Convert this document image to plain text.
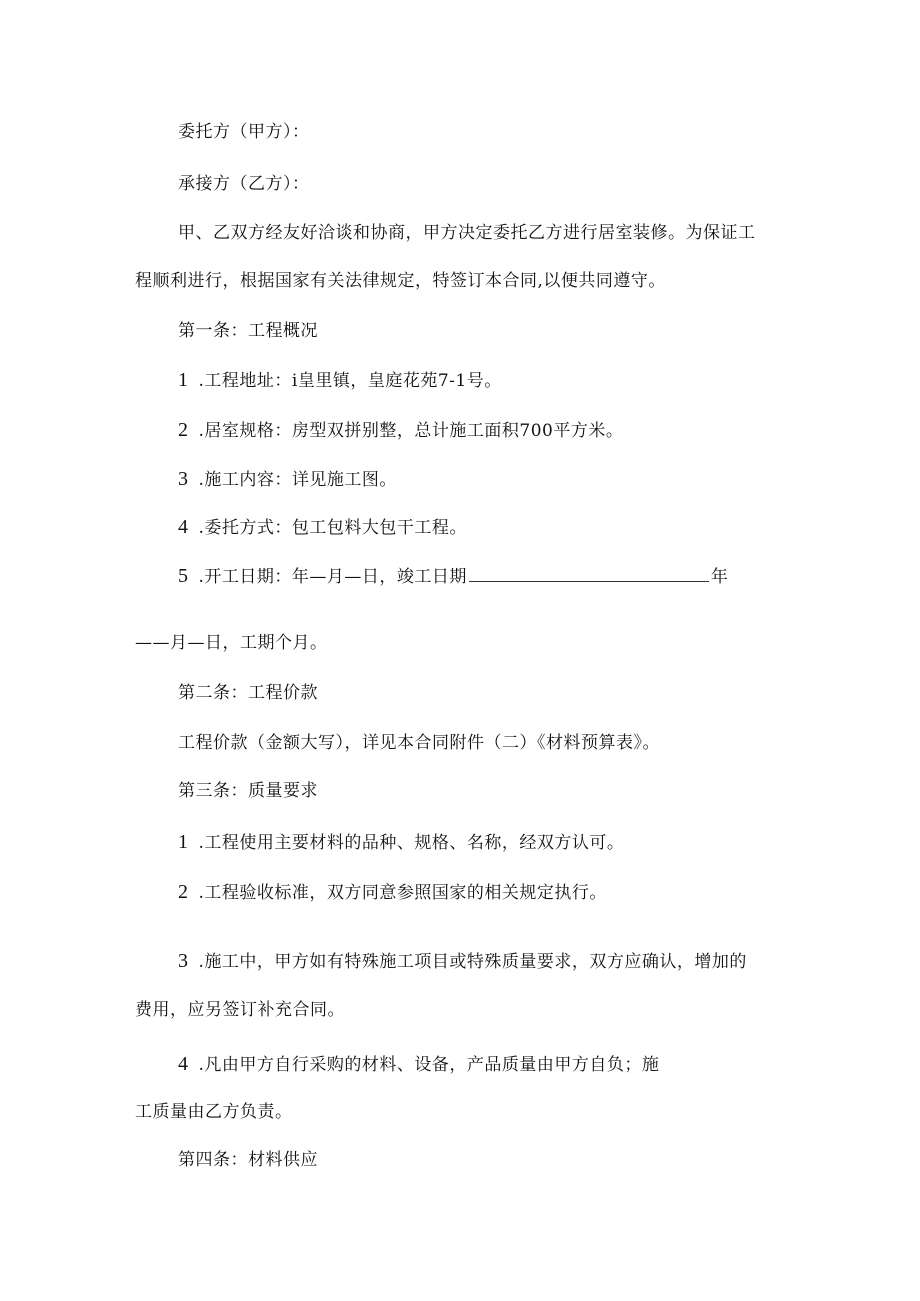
委托方（甲方）：
承接方（乙方）：
甲、乙双方经友好洽谈和协商，甲方决定委托乙方进行居室装修。为保证工
程顺利进行，根据国家有关法律规定，特签订本合同,以便共同遵守。
第一条：工程概况
1 .工程地址：i皇里镇，皇庭花苑7-1号。
2 .居室规格：房型双拼别整，总计施工面积700平方米。
3 .施工内容：详见施工图。
4 .委托方式：包工包料大包干工程。
5 .开工日期：年—月—日，竣工日期	年
——月—日，工期个月。
第二条：工程价款
工程价款（金额大写），详见本合同附件（二）《材料预算表》。
第三条：质量要求
1 .工程使用主要材料的品种、规格、名称，经双方认可。
2 .工程验收标准，双方同意参照国家的相关规定执行。
3 .施工中，甲方如有特殊施工项目或特殊质量要求，双方应确认，增加的
费用，应另签订补充合同。
4 .凡由甲方自行采购的材料、设备，产品质量由甲方自负；施
工质量由乙方负责。
第四条：材料供应
